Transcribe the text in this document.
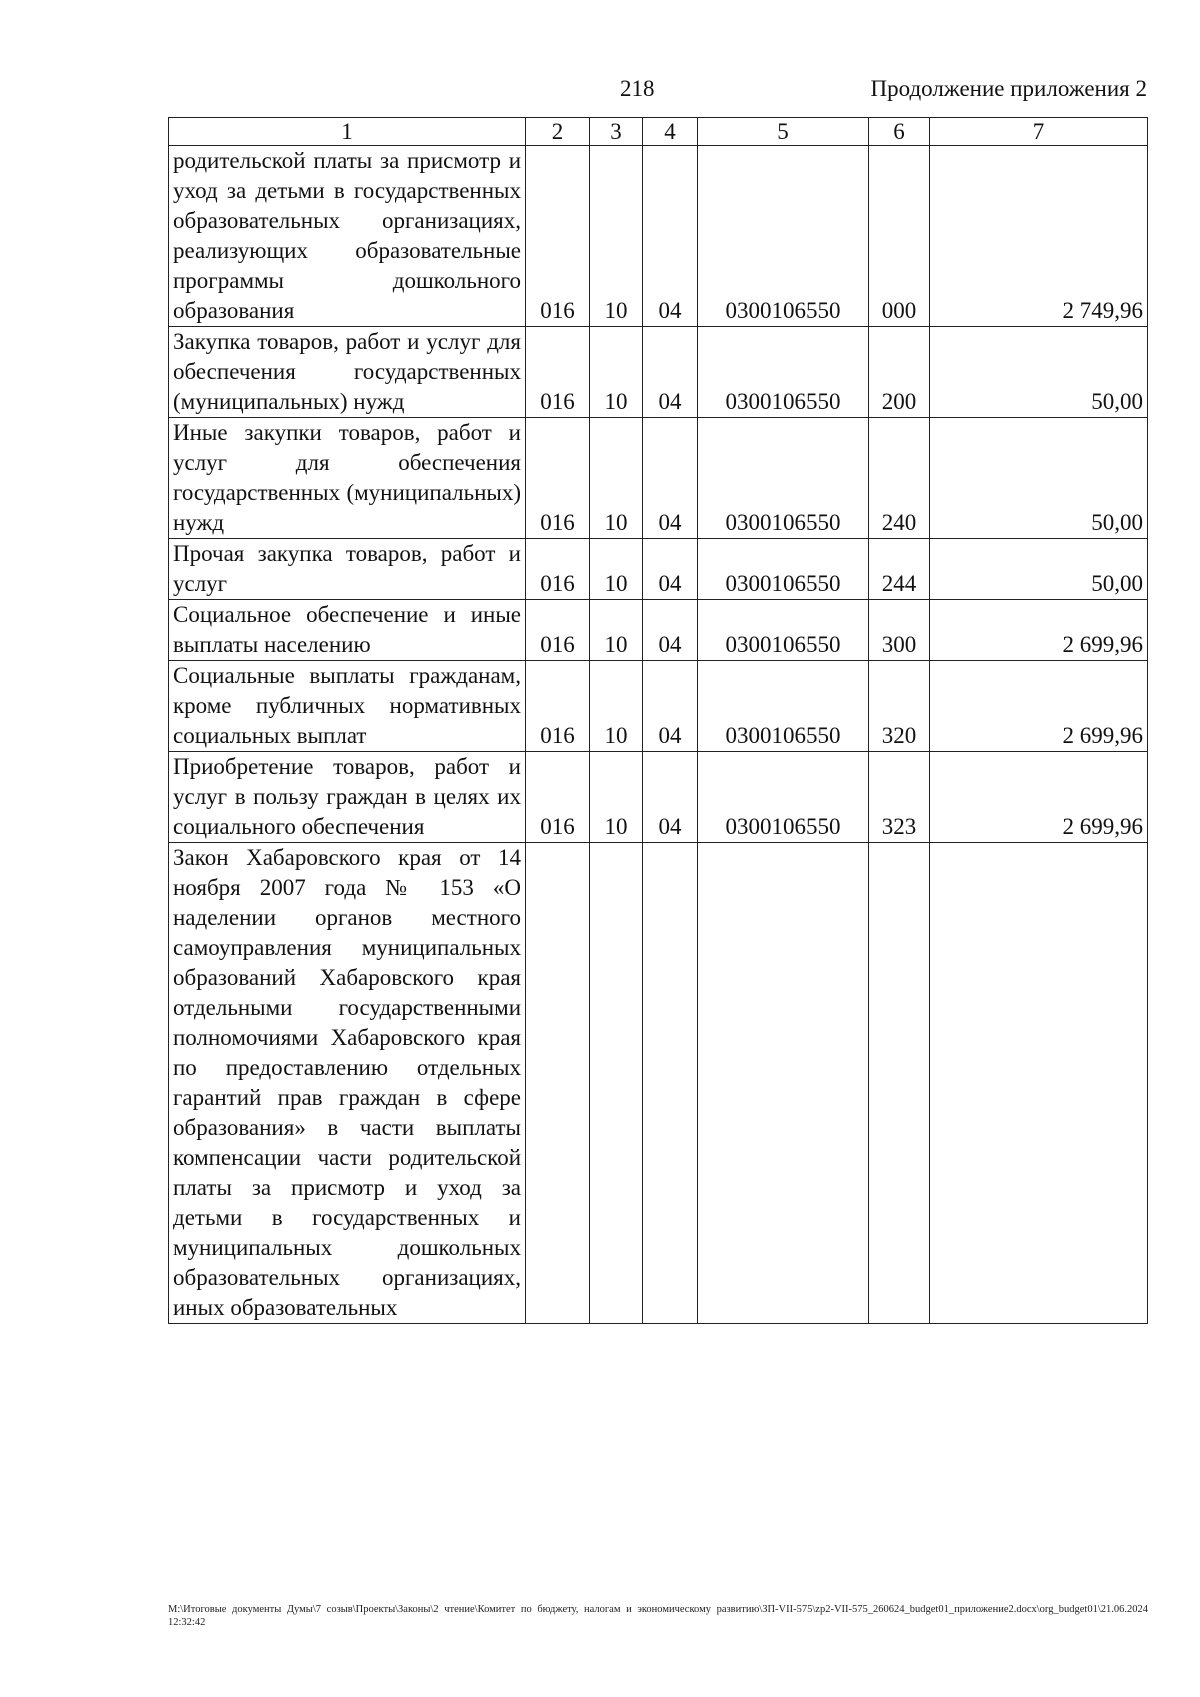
218	Продолжение приложения 2
1	2	3	4	5	6	7
родительской платы за присмотр и уход за детьми в государственных образовательных организациях, реализующих образовательные программы дошкольного образования	016	10	04	0300106550	000	2 749,96
Закупка товаров, работ и услуг для обеспечения государственных (муниципальных) нужд	016	10	04	0300106550	200	50,00
Иные закупки товаров, работ и услуг для обеспечения государственных (муниципальных) нужд	016	10	04	0300106550	240	50,00
Прочая закупка товаров, работ и услуг	016	10	04	0300106550	244	50,00
Социальное обеспечение и иные выплаты населению	016	10	04	0300106550	300	2 699,96
Социальные выплаты гражданам, кроме публичных нормативных социальных выплат	016	10	04	0300106550	320	2 699,96
Приобретение товаров, работ и услуг в пользу граждан в целях их социального обеспечения	016	10	04	0300106550	323	2 699,96
Закон Хабаровского края от 14 ноября 2007 года № 153 «О наделении органов местного самоуправления муниципальных образований Хабаровского края отдельными государственными полномочиями Хабаровского края по предоставлению отдельных гарантий прав граждан в сфере образования» в части выплаты компенсации части родительской платы за присмотр и уход за детьми в государственных и муниципальных дошкольных образовательных организациях, иных образовательных						
M:\Итоговые документы Думы\7 созыв\Проекты\Законы\2 чтение\Комитет по бюджету, налогам и экономическому развитию\ЗП-VII-575\zp2-VII-575_260624_budget01_приложение2.docx\org_budget01\21.06.2024 12:32:42
